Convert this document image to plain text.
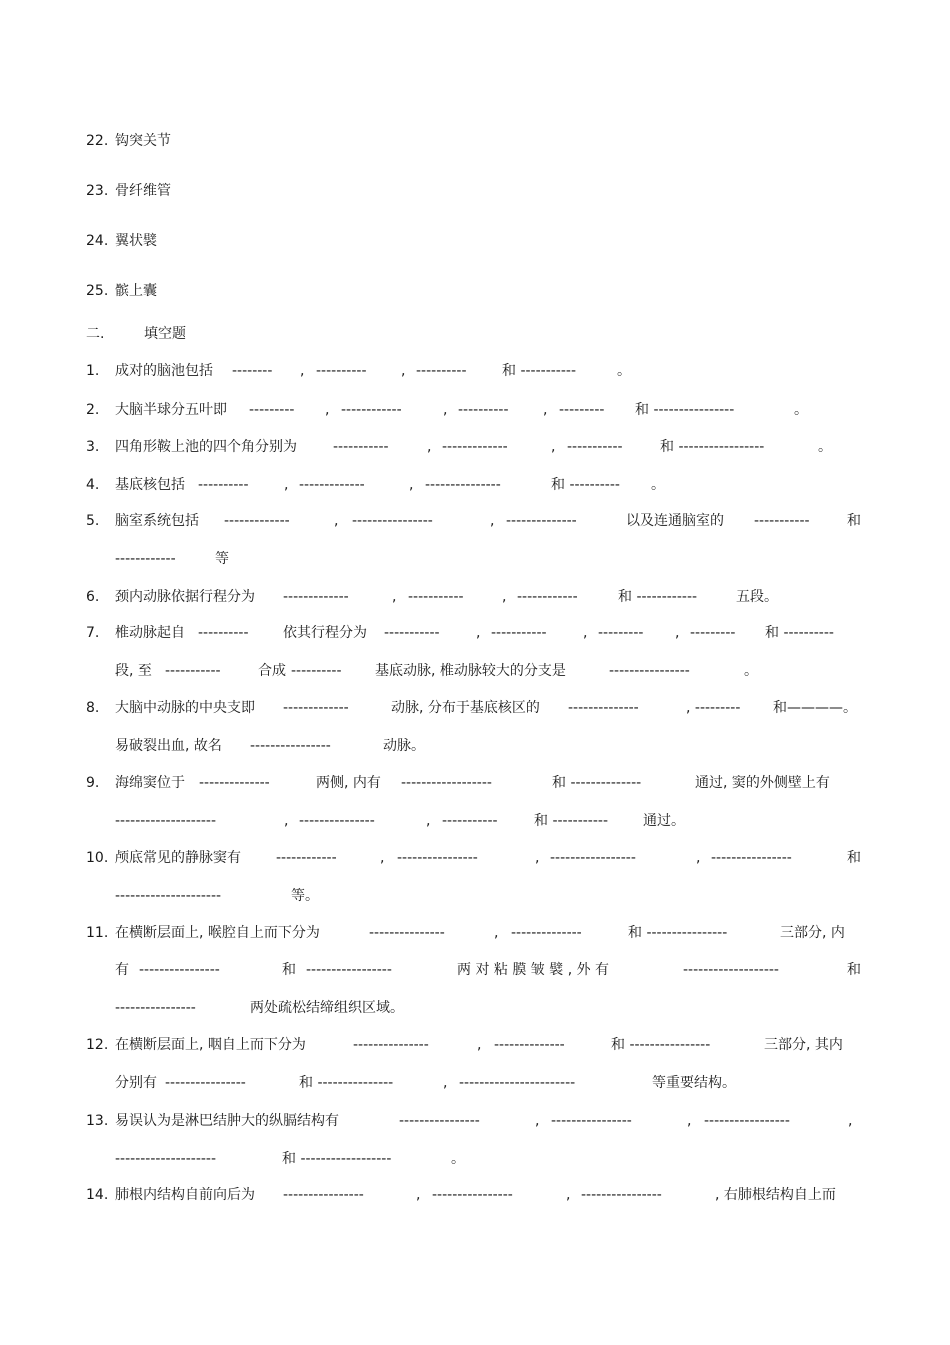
22. 钩突关节
23. 骨纤维管
24. 翼状襞
25. 髌上囊
二.	填空题
1. 成对的脑池包括 -------- , ---------- , ----------	和 -----------	。
2. 大脑半球分五叶即 --------- , ------------	, ---------- , --------- 和 ----------------	。
3. 四角形鞍上池的四个角分别为	-----------	, -------------	, -----------	和 -----------------	。
4. 基底核包括 ----------	, -------------	, ---------------	和 ---------- 。
5. 脑室系统包括 -------------	, ----------------	, --------------	以及连通脑室的 -----------	和
------------	等
6. 颈内动脉依据行程分为 -------------	, -----------	, ------------	和 ------------	五段。
7. 椎动脉起自 ---------- 依其行程分为 -----------	, -----------	, --------- , --------- 和 ----------
段, 至 -----------	合成 ---------- 基底动脉, 椎动脉较大的分支是	----------------	。
8. 大脑中动脉的中央支即 -------------	动脉, 分布于基底核区的 --------------	, --------- 和————。
易破裂出血, 故名 ----------------	动脉。
9. 海绵窦位于 --------------	两侧, 内有 ------------------	和 --------------	通过, 窦的外侧壁上有
--------------------	, ---------------	, -----------	和 ----------- 通过。
10. 颅底常见的静脉窦有	------------	, ----------------	, -----------------	, ----------------	和
---------------------	等。
11. 在横断层面上, 喉腔自上而下分为	---------------	, --------------	和 ----------------	三部分, 内
有 ----------------	和 -----------------	两 对 粘 膜 皱 襞 , 外 有	-------------------	和
----------------	两处疏松结缔组织区域。
12. 在横断层面上, 咽自上而下分为	---------------	, --------------	和 ----------------	三部分, 其内
分别有 ----------------	和 ---------------	, -----------------------	等重要结构。
13. 易误认为是淋巴结肿大的纵膈结构有	----------------	, ----------------	, -----------------	,
--------------------	和 ------------------	。
14. 肺根内结构自前向后为 ----------------	, ----------------	, ----------------	, 右肺根结构自上而
